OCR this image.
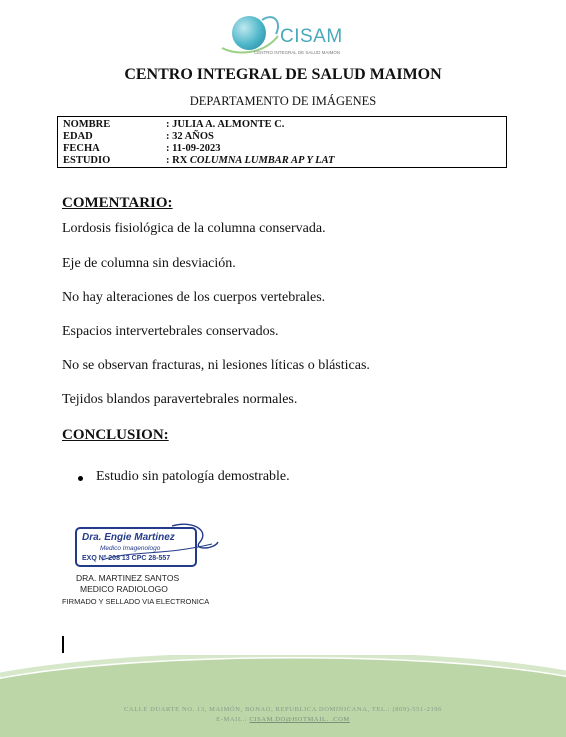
CISAM
CENTRO INTEGRAL DE SALUD MAIMON
CENTRO INTEGRAL DE SALUD MAIMON
DEPARTAMENTO DE IMÁGENES
NOMBRE	: JULIA A. ALMONTE C.
EDAD	: 32 AÑOS
FECHA	: 11-09-2023
ESTUDIO	: RX COLUMNA LUMBAR AP Y LAT
COMENTARIO:
Lordosis fisiológica de la columna conservada.
Eje de columna sin desviación.
No hay alteraciones de los cuerpos vertebrales.
Espacios intervertebrales conservados.
No se observan fracturas, ni lesiones líticas o blásticas.
Tejidos blandos paravertebrales normales.
CONCLUSION:
Estudio sin patología demostrable.
Dra. Engie Martinez
Medico Imagenologo
EXQ Nº 208 13 CPC 28-557
DRA. MARTINEZ SANTOS
MEDICO RADIOLOGO
FIRMADO Y SELLADO VIA ELECTRONICA
CALLE DUARTE NO. 13, MAIMÓN, BONAO, REPUBLICA DOMINICANA, TEL.: (809)-551-2196
E-MAIL.: CISAM.DO@HOTMAIL. .COM
